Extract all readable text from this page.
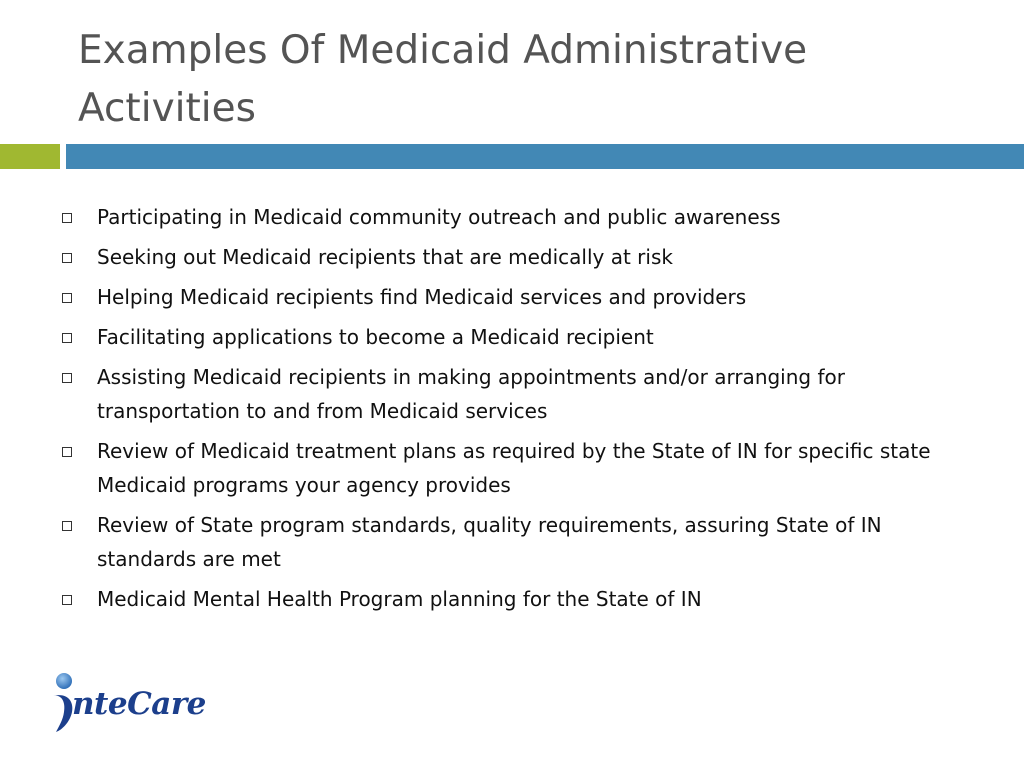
Examples Of Medicaid Administrative Activities
Participating in Medicaid community outreach and public awareness
Seeking out Medicaid recipients that are medically at risk
Helping Medicaid recipients find Medicaid services and providers
Facilitating applications to become a Medicaid recipient
Assisting Medicaid recipients in making appointments and/or arranging for transportation to and from Medicaid services
Review of Medicaid treatment plans as required by the State of IN for specific state Medicaid programs your agency provides
Review of State program standards, quality requirements, assuring State of IN standards are met
Medicaid Mental Health Program planning for the State of IN
nteCare
